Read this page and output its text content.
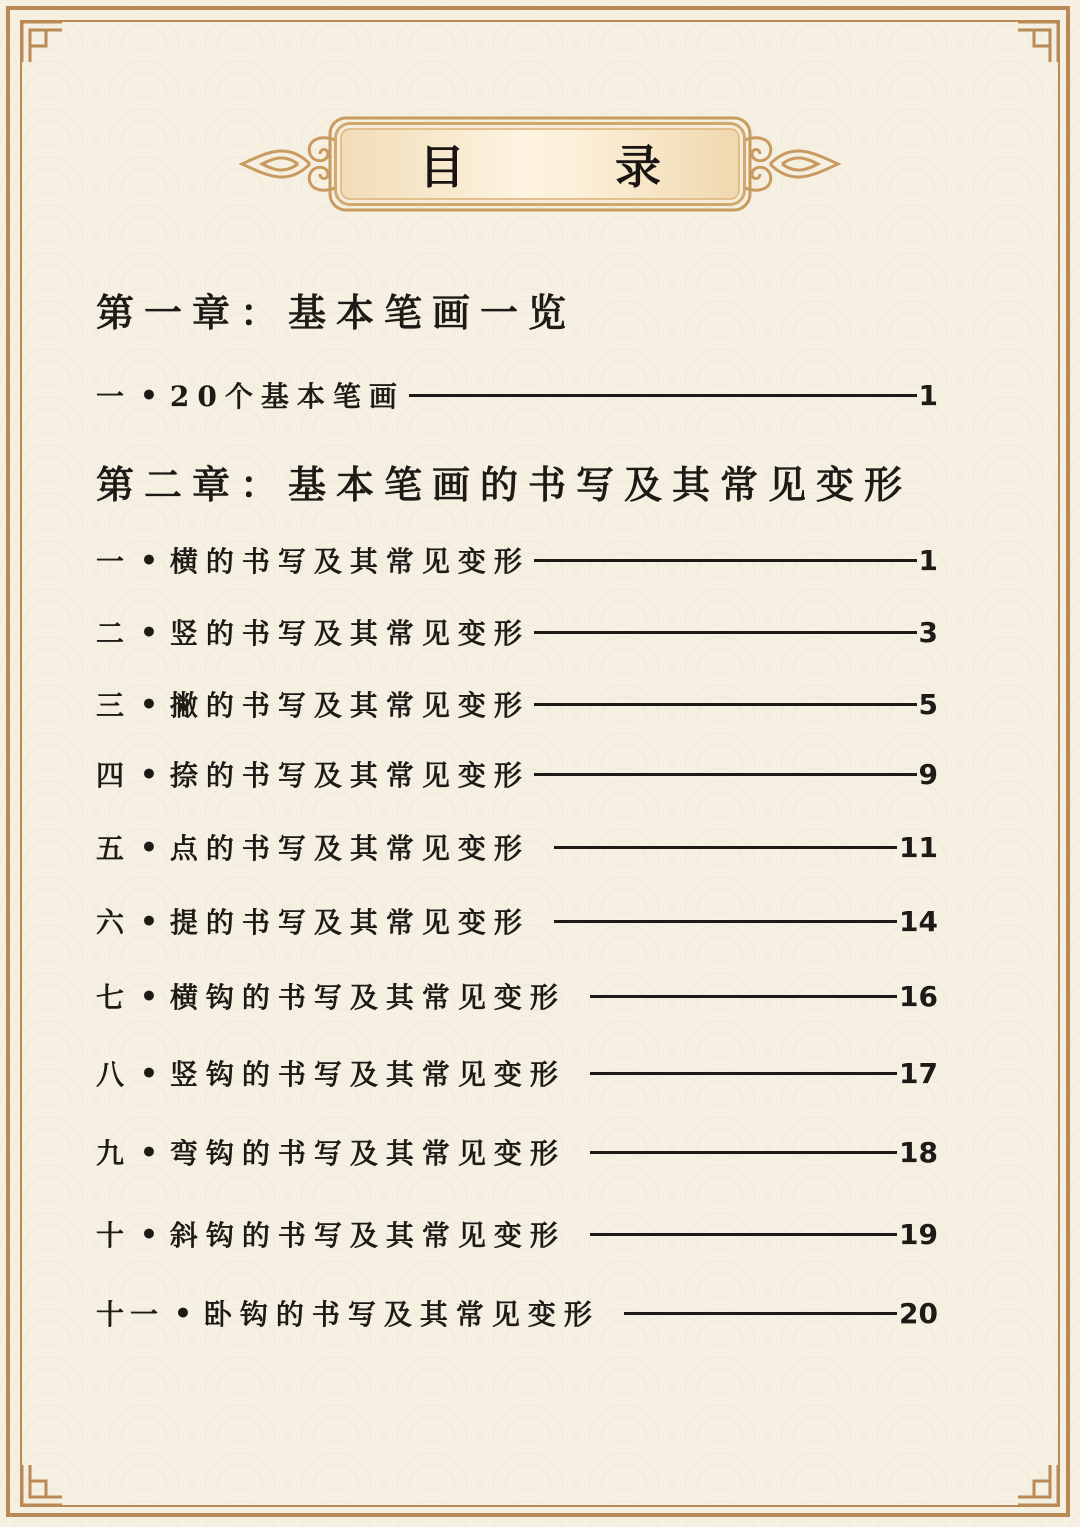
目　录
第一章：基本笔画一览
一 • 20个基本笔画	1
第二章：基本笔画的书写及其常见变形
一 • 横的书写及其常见变形	1
二 • 竖的书写及其常见变形	3
三 • 撇的书写及其常见变形	5
四 • 捺的书写及其常见变形	9
五 • 点的书写及其常见变形	11
六 • 提的书写及其常见变形	14
七 • 横钩的书写及其常见变形	16
八 • 竖钩的书写及其常见变形	17
九 • 弯钩的书写及其常见变形	18
十 • 斜钩的书写及其常见变形	19
十一 • 卧钩的书写及其常见变形	20
